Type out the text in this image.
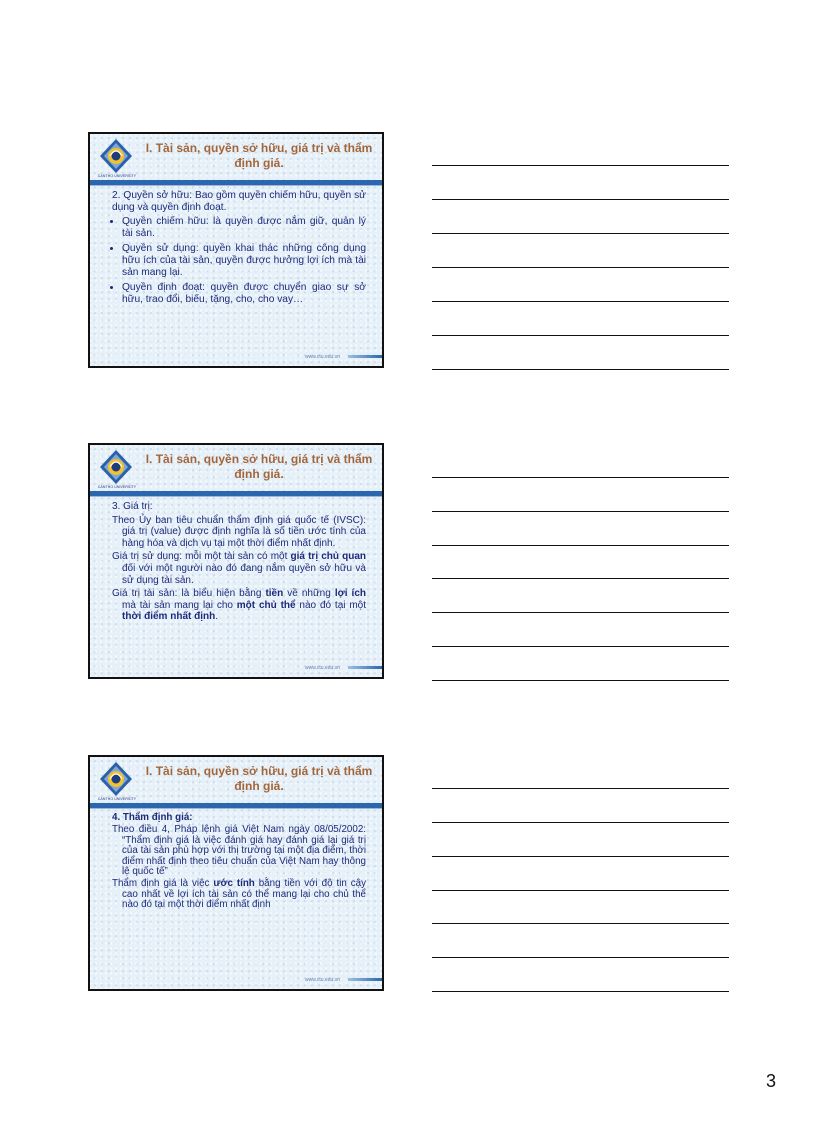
CANTHO UNIVERSITY
I. Tài sản, quyền sở hữu, giá trị và thẩm định giá.

2. Quyền sở hữu: Bao gồm quyền chiếm hữu, quyền sử dụng và quyền định đoạt.

• Quyền chiếm hữu: là quyền được nắm giữ, quản lý tài sản.
• Quyền sử dụng: quyền khai thác những công dụng hữu ích của tài sản, quyền được hưởng lợi ích mà tài sản mang lại.
• Quyền định đoạt: quyền được chuyển giao sự sở hữu, trao đổi, biếu, tặng, cho, cho vay…
www.ctu.edu.vn
CANTHO UNIVERSITY
I. Tài sản, quyền sở hữu, giá trị và thẩm định giá.

3. Giá trị:

Theo Ủy ban tiêu chuẩn thẩm định giá quốc tế (IVSC): giá trị (value) được định nghĩa là số tiền ước tính của hàng hóa và dịch vụ tại một thời điểm nhất định.

Giá trị sử dụng: mỗi một tài sản có một giá trị chủ quan đối với một người nào đó đang nắm quyền sở hữu và sử dụng tài sản.

Giá trị tài sản: là biểu hiện bằng tiền về những lợi ích mà tài sản mang lại cho một chủ thể nào đó tại một thời điểm nhất định.

www.ctu.edu.vn
CANTHO UNIVERSITY
I. Tài sản, quyền sở hữu, giá trị và thẩm định giá.

4. Thẩm định giá:

Theo điều 4, Pháp lệnh giá Việt Nam ngày 08/05/2002: “Thẩm định giá là việc đánh giá hay đánh giá lại giá trị của tài sản phù hợp với thị trường tại một địa điểm, thời điểm nhất định theo tiêu chuẩn của Việt Nam hay thông lệ quốc tế”

Thẩm định giá là việc ước tính bằng tiền với độ tin cậy cao nhất về lợi ích tài sản có thể mang lại cho chủ thể nào đó tại một thời điểm nhất định

www.ctu.edu.vn
3
